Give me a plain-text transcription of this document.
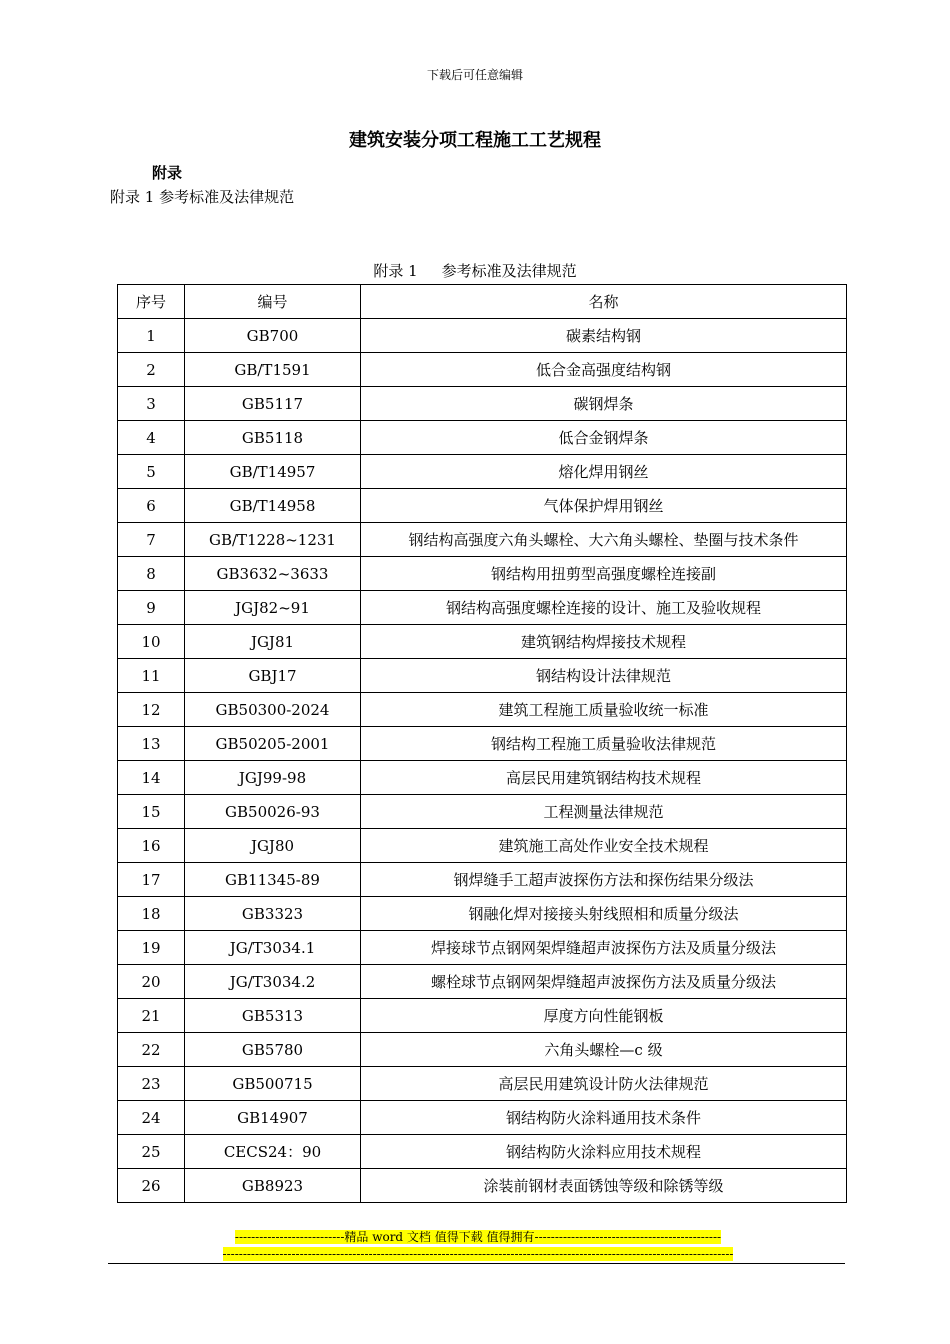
下载后可任意编辑
建筑安装分项工程施工工艺规程
附录
附录 1 参考标准及法律规范
附录 1 参考标准及法律规范
序号	编号	名称
1	GB700	碳素结构钢
2	GB/T1591	低合金高强度结构钢
3	GB5117	碳钢焊条
4	GB5118	低合金钢焊条
5	GB/T14957	熔化焊用钢丝
6	GB/T14958	气体保护焊用钢丝
7	GB/T1228~1231	钢结构高强度六角头螺栓、大六角头螺栓、垫圈与技术条件
8	GB3632~3633	钢结构用扭剪型高强度螺栓连接副
9	JGJ82~91	钢结构高强度螺栓连接的设计、施工及验收规程
10	JGJ81	建筑钢结构焊接技术规程
11	GBJ17	钢结构设计法律规范
12	GB50300-2024	建筑工程施工质量验收统一标准
13	GB50205-2001	钢结构工程施工质量验收法律规范
14	JGJ99-98	高层民用建筑钢结构技术规程
15	GB50026-93	工程测量法律规范
16	JGJ80	建筑施工高处作业安全技术规程
17	GB11345-89	钢焊缝手工超声波探伤方法和探伤结果分级法
18	GB3323	钢融化焊对接接头射线照相和质量分级法
19	JG/T3034.1	焊接球节点钢网架焊缝超声波探伤方法及质量分级法
20	JG/T3034.2	螺栓球节点钢网架焊缝超声波探伤方法及质量分级法
21	GB5313	厚度方向性能钢板
22	GB5780	六角头螺栓—c 级
23	GB500715	高层民用建筑设计防火法律规范
24	GB14907	钢结构防火涂料通用技术条件
25	CECS24：90	钢结构防火涂料应用技术规程
26	GB8923	涂装前钢材表面锈蚀等级和除锈等级
---------------------------精品 word 文档 值得下载 值得拥有----------------------------------------------
------------------------------------------------------------------------------------------------------------------------------
